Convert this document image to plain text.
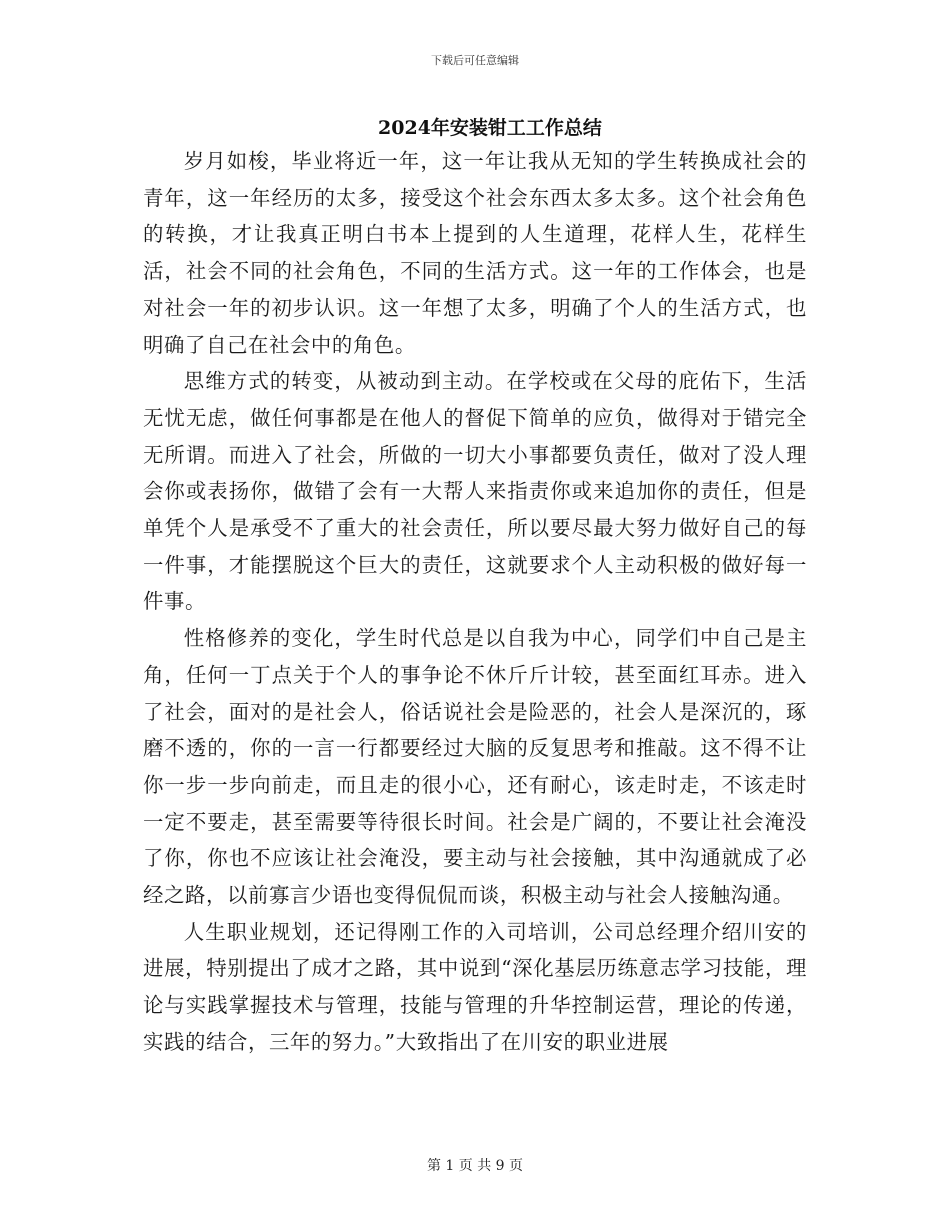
下载后可任意编辑
2024年安装钳工工作总结

岁月如梭，毕业将近一年，这一年让我从无知的学生转换成社会的青年，这一年经历的太多，接受这个社会东西太多太多。这个社会角色的转换，才让我真正明白书本上提到的人生道理，花样人生，花样生活，社会不同的社会角色，不同的生活方式。这一年的工作体会，也是对社会一年的初步认识。这一年想了太多，明确了个人的生活方式，也明确了自己在社会中的角色。

思维方式的转变，从被动到主动。在学校或在父母的庇佑下，生活无忧无虑，做任何事都是在他人的督促下简单的应负，做得对于错完全无所谓。而进入了社会，所做的一切大小事都要负责任，做对了没人理会你或表扬你，做错了会有一大帮人来指责你或来追加你的责任，但是单凭个人是承受不了重大的社会责任，所以要尽最大努力做好自己的每一件事，才能摆脱这个巨大的责任，这就要求个人主动积极的做好每一件事。

性格修养的变化，学生时代总是以自我为中心，同学们中自己是主角，任何一丁点关于个人的事争论不休斤斤计较，甚至面红耳赤。进入了社会，面对的是社会人，俗话说社会是险恶的，社会人是深沉的，琢磨不透的，你的一言一行都要经过大脑的反复思考和推敲。这不得不让你一步一步向前走，而且走的很小心，还有耐心，该走时走，不该走时一定不要走，甚至需要等待很长时间。社会是广阔的，不要让社会淹没了你，你也不应该让社会淹没，要主动与社会接触，其中沟通就成了必经之路，以前寡言少语也变得侃侃而谈，积极主动与社会人接触沟通。

人生职业规划，还记得刚工作的入司培训，公司总经理介绍川安的进展，特别提出了成才之路，其中说到“深化基层历练意志学习技能，理论与实践掌握技术与管理，技能与管理的升华控制运营，理论的传递，实践的结合，三年的努力。”大致指出了在川安的职业进展

第 1 页 共 9 页
